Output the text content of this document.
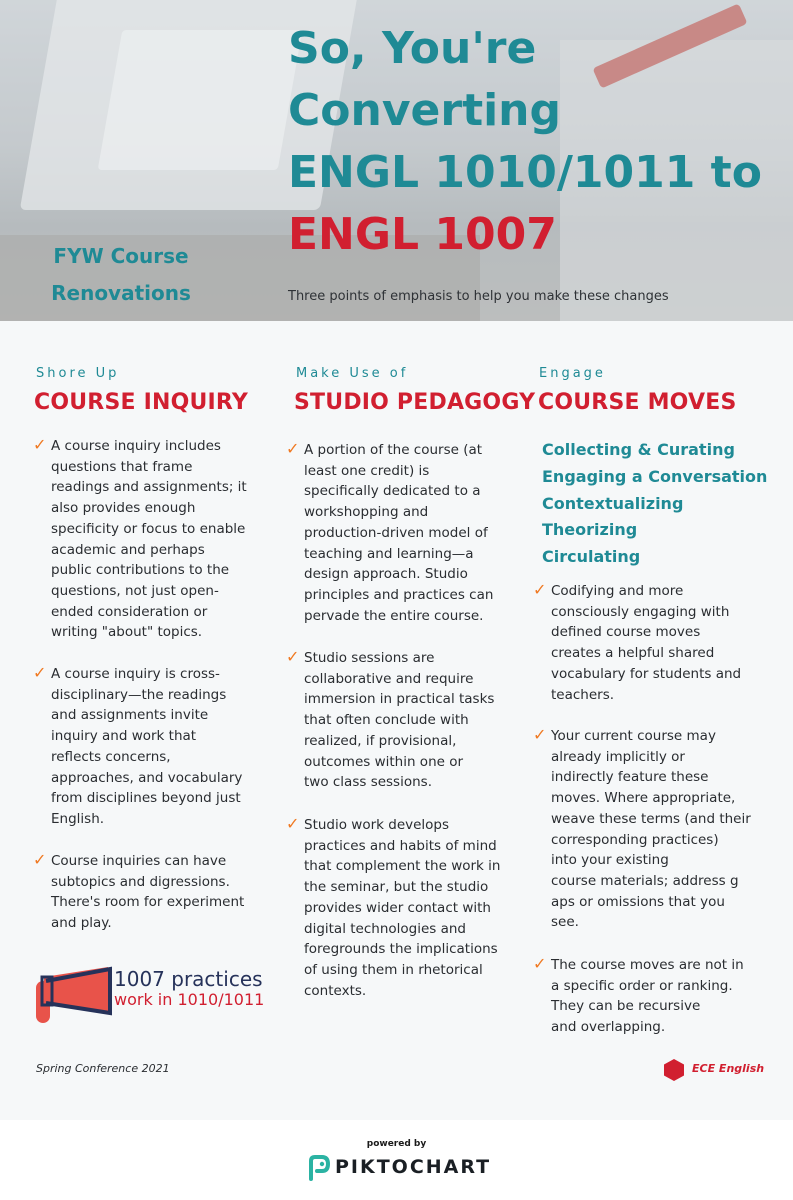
So, You're
Converting
ENGL 1010/1011 to
ENGL 1007
FYW Course
Renovations	Three points of emphasis to help you make these changes
Shore Up
COURSE INQUIRY
Make Use of
STUDIO PEDAGOGY
Engage
COURSE MOVES
✓ A course inquiry includes
questions that frame
readings and assignments; it
also provides enough
specificity or focus to enable
academic and perhaps
public contributions to the
questions, not just open-
ended consideration or
writing "about" topics.
✓ A course inquiry is cross-
disciplinary—the readings
and assignments invite
inquiry and work that
reflects concerns,
approaches, and vocabulary
from disciplines beyond just
English.
✓ Course inquiries can have
subtopics and digressions.
There's room for experiment
and play.
✓ A portion of the course (at
least one credit) is
specifically dedicated to a
workshopping and
production-driven model of
teaching and learning—a
design approach. Studio
principles and practices can
pervade the entire course.
✓ Studio sessions are
collaborative and require
immersion in practical tasks
that often conclude with
realized, if provisional,
outcomes within one or
two class sessions.
✓ Studio work develops
practices and habits of mind
that complement the work in
the seminar, but the studio
provides wider contact with
digital technologies and
foregrounds the implications
of using them in rhetorical
contexts.
Collecting & Curating
Engaging a Conversation
Contextualizing
Theorizing
Circulating
✓ Codifying and more
consciously engaging with
defined course moves
creates a helpful shared
vocabulary for students and
teachers.
✓ Your current course may
already implicitly or
indirectly feature these
moves. Where appropriate,
weave these terms (and their
corresponding practices)
into your existing
course materials; address g
aps or omissions that you
see.
✓ The course moves are not in
a specific order or ranking.
They can be recursive
and overlapping.
1007 practices
work in 1010/1011
Spring Conference 2021	ECE English
powered by
PIKTOCHART
